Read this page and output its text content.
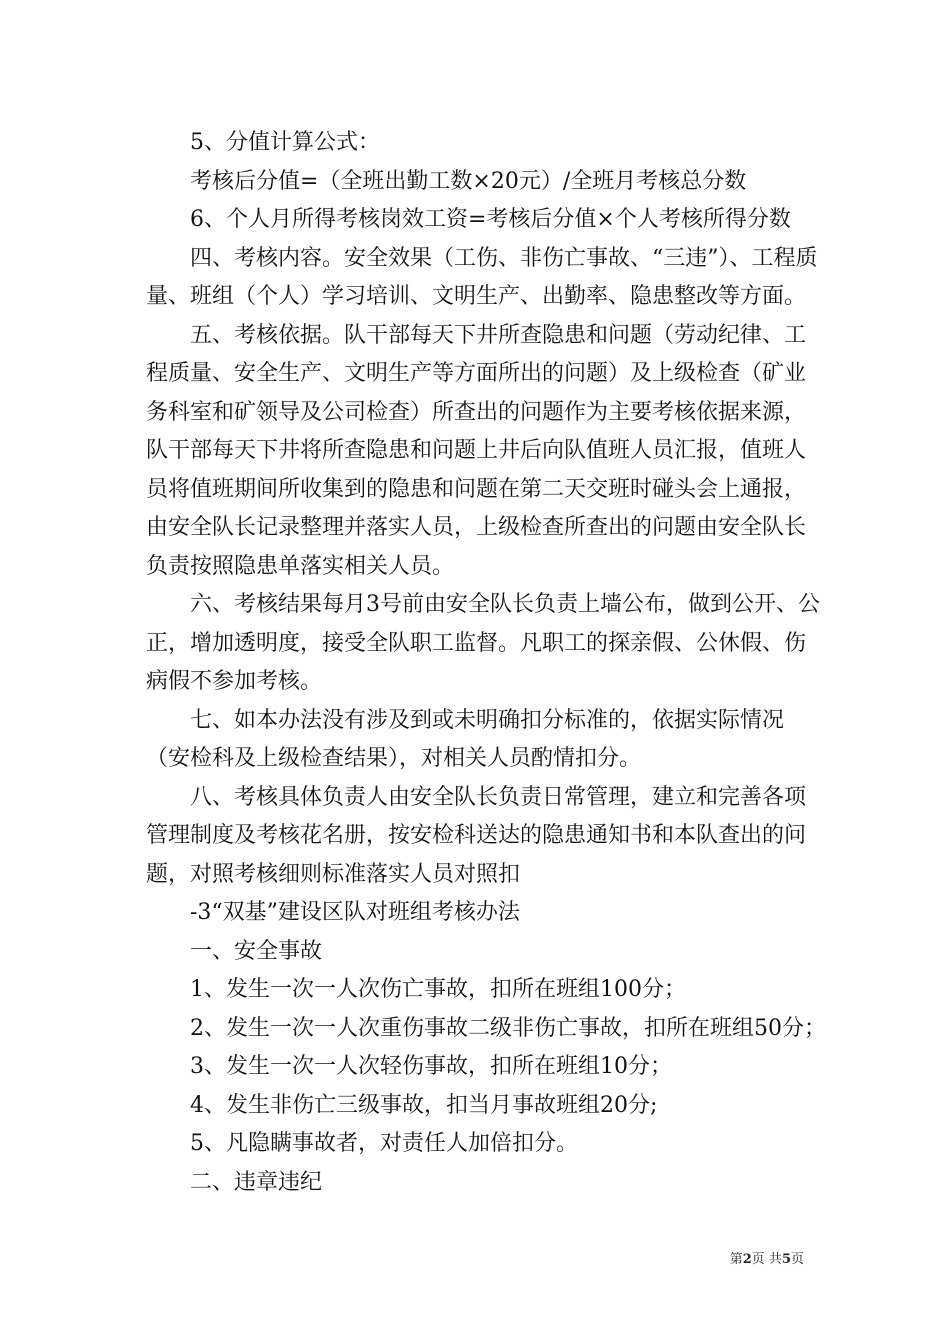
5、分值计算公式：

考核后分值=（全班出勤工数×20元）/全班月考核总分数

6、个人月所得考核岗效工资=考核后分值×个人考核所得分数

四、考核内容。安全效果（工伤、非伤亡事故、“三违”）、工程质量、班组（个人）学习培训、文明生产、出勤率、隐患整改等方面。

五、考核依据。队干部每天下井所查隐患和问题（劳动纪律、工程质量、安全生产、文明生产等方面所出的问题）及上级检查（矿业务科室和矿领导及公司检查）所查出的问题作为主要考核依据来源，队干部每天下井将所查隐患和问题上井后向队值班人员汇报，值班人员将值班期间所收集到的隐患和问题在第二天交班时碰头会上通报，由安全队长记录整理并落实人员，上级检查所查出的问题由安全队长负责按照隐患单落实相关人员。

六、考核结果每月3号前由安全队长负责上墙公布，做到公开、公正，增加透明度，接受全队职工监督。凡职工的探亲假、公休假、伤病假不参加考核。

七、如本办法没有涉及到或未明确扣分标准的，依据实际情况（安检科及上级检查结果），对相关人员酌情扣分。

八、考核具体负责人由安全队长负责日常管理，建立和完善各项管理制度及考核花名册，按安检科送达的隐患通知书和本队查出的问题，对照考核细则标准落实人员对照扣

-3“双基”建设区队对班组考核办法

一、安全事故

1、发生一次一人次伤亡事故，扣所在班组100分；

2、发生一次一人次重伤事故二级非伤亡事故，扣所在班组50分；

3、发生一次一人次轻伤事故，扣所在班组10分；

4、发生非伤亡三级事故，扣当月事故班组20分;

5、凡隐瞒事故者，对责任人加倍扣分。

二、违章违纪

第2页 共5页
